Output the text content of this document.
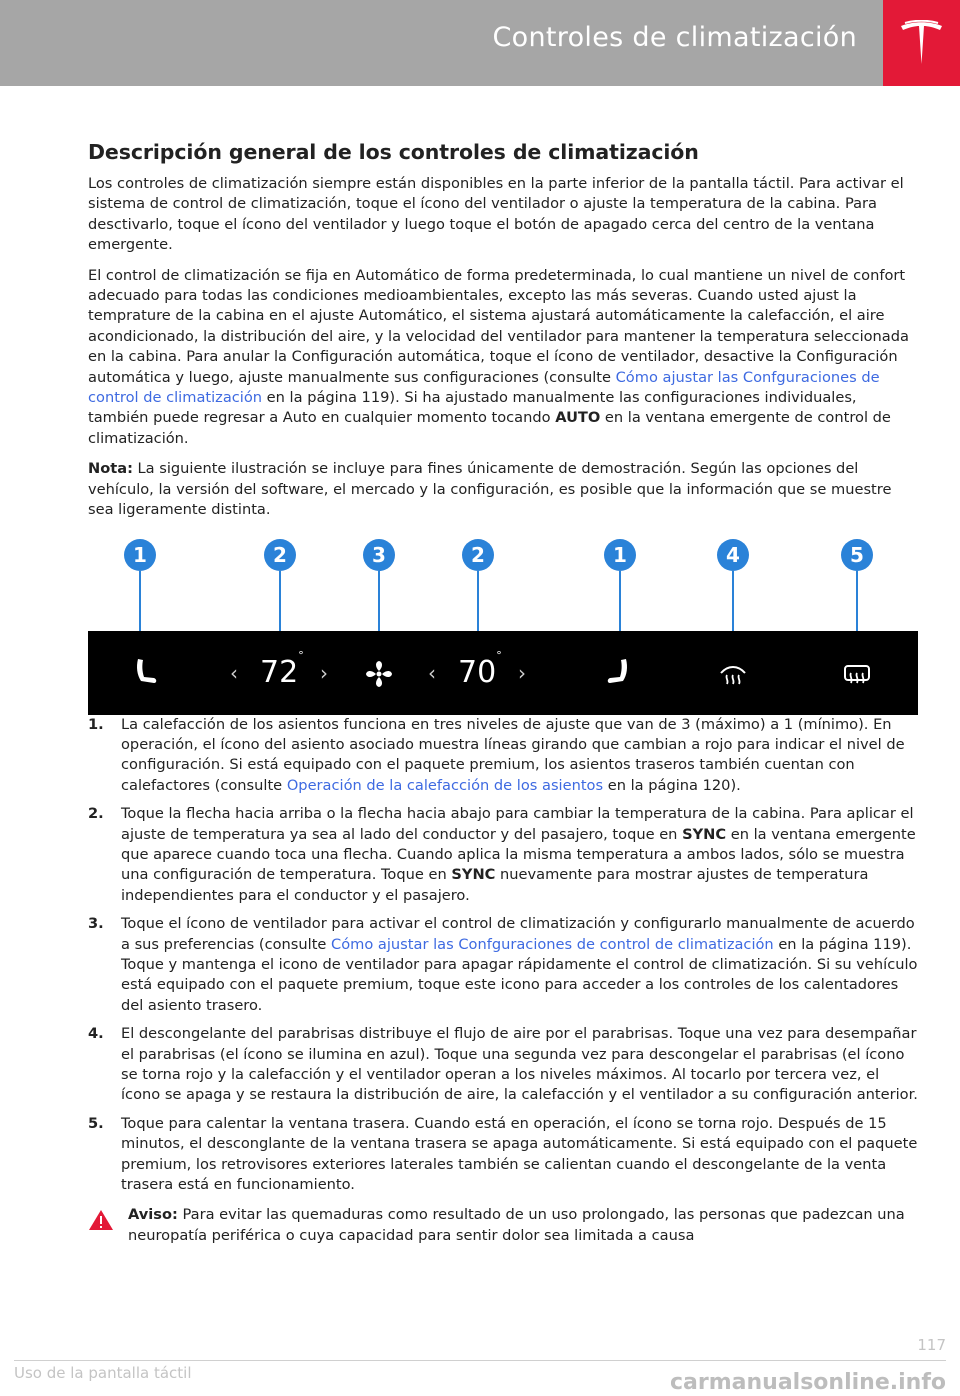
Controles de climatización
Descripción general de los controles de climatización

Los controles de climatización siempre están disponibles en la parte inferior de la pantalla táctil. Para activar el sistema de control de climatización, toque el ícono del ventilador o ajuste la temperatura de la cabina. Para desctivarlo, toque el ícono del ventilador y luego toque el botón de apagado cerca del centro de la ventana emergente.

El control de climatización se fija en Automático de forma predeterminada, lo cual mantiene un nivel de confort adecuado para todas las condiciones medioambientales, excepto las más severas. Cuando usted ajust la temprature de la cabina en el ajuste Automático, el sistema ajustará automáticamente la calefacción, el aire acondicionado, la distribución del aire, y la velocidad del ventilador para mantener la temperatura seleccionada en la cabina. Para anular la Configuración automática, toque el ícono de ventilador, desactive la Configuración automática y luego, ajuste manualmente sus configuraciones (consulte Cómo ajustar las Confguraciones de control de climatización en la página 119). Si ha ajustado manualmente las configuraciones individuales, también puede regresar a Auto en cualquier momento tocando AUTO en la ventana emergente de control de climatización.

Nota: La siguiente ilustración se incluye para fines únicamente de demostración. Según las opciones del vehículo, la versión del software, el mercado y la configuración, es posible que la información que se muestre sea ligeramente distinta.

1	2	3	2	1	4	5
‹ 72°
›	‹ 70°
›
1. La calefacción de los asientos funciona en tres niveles de ajuste que van de 3 (máximo) a 1 (mínimo). En operación, el ícono del asiento asociado muestra líneas girando que cambian a rojo para indicar el nivel de configuración. Si está equipado con el paquete premium, los asientos traseros también cuentan con calefactores (consulte Operación de la calefacción de los asientos en la página 120).
2. Toque la flecha hacia arriba o la flecha hacia abajo para cambiar la temperatura de la cabina. Para aplicar el ajuste de temperatura ya sea al lado del conductor y del pasajero, toque en SYNC en la ventana emergente que aparece cuando toca una flecha. Cuando aplica la misma temperatura a ambos lados, sólo se muestra una configuración de temperatura. Toque en SYNC nuevamente para mostrar ajustes de temperatura independientes para el conductor y el pasajero.
3. Toque el ícono de ventilador para activar el control de climatización y configurarlo manualmente de acuerdo a sus preferencias (consulte Cómo ajustar las Confguraciones de control de climatización en la página 119). Toque y mantenga el icono de ventilador para apagar rápidamente el control de climatización. Si su vehículo está equipado con el paquete premium, toque este icono para acceder a los controles de los calentadores del asiento trasero.
4. El descongelante del parabrisas distribuye el flujo de aire por el parabrisas. Toque una vez para desempañar el parabrisas (el ícono se ilumina en azul). Toque una segunda vez para descongelar el parabrisas (el ícono se torna rojo y la calefacción y el ventilador operan a los niveles máximos. Al tocarlo por tercera vez, el ícono se apaga y se restaura la distribución de aire, la calefacción y el ventilador a su configuración anterior.
5. Toque para calentar la ventana trasera. Cuando está en operación, el ícono se torna rojo. Después de 15 minutos, el desconglante de la ventana trasera se apaga automáticamente. Si está equipado con el paquete premium, los retrovisores exteriores laterales también se calientan cuando el descongelante de la venta trasera está en funcionamiento.
Aviso: Para evitar las quemaduras como resultado de un uso prolongado, las personas que padezcan una neuropatía periférica o cuya capacidad para sentir dolor sea limitada a causa
Uso de la pantalla táctil
117
carmanualsonline.info
